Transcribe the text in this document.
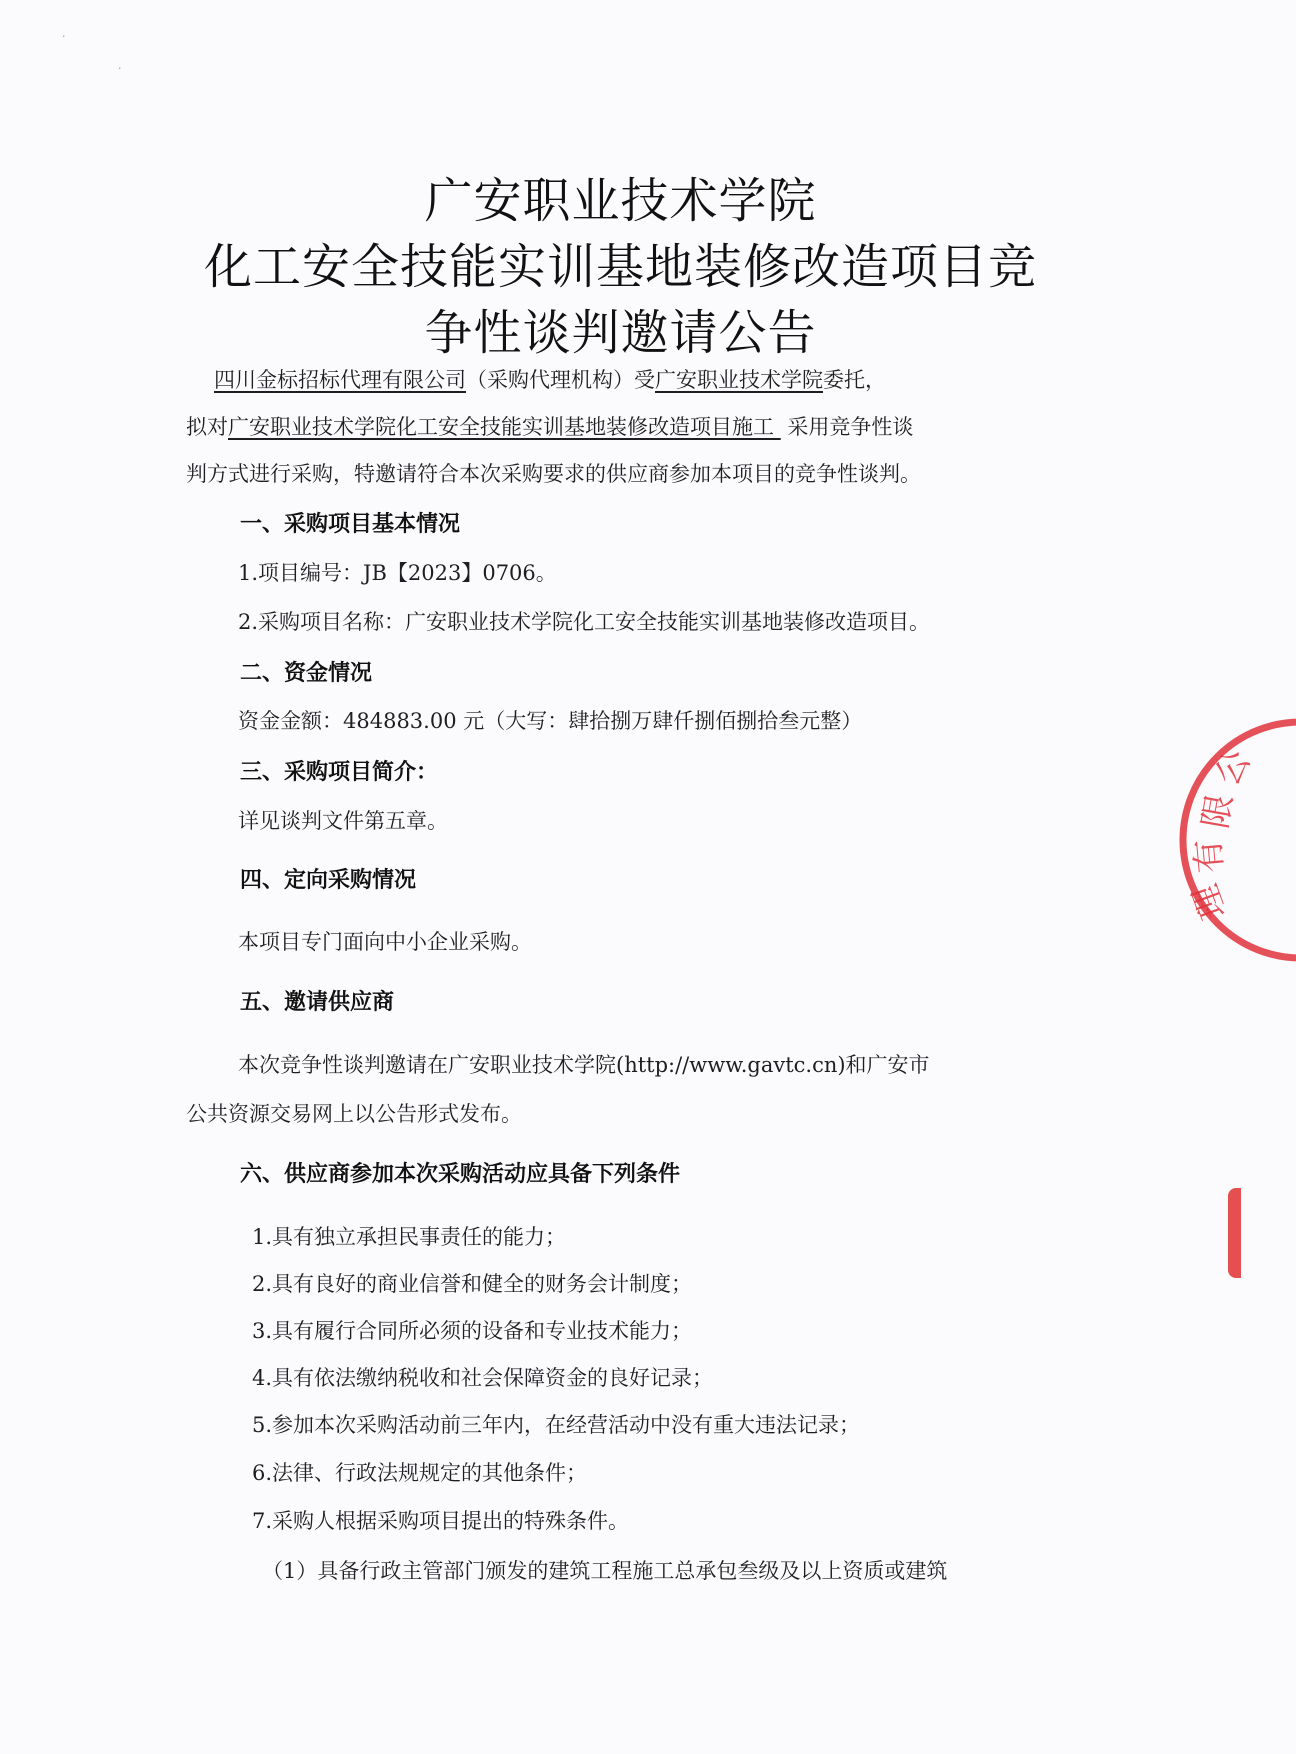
·
·
广安职业技术学院
化工安全技能实训基地装修改造项目竞
争性谈判邀请公告
四川金标招标代理有限公司（采购代理机构）受广安职业技术学院委托，
拟对广安职业技术学院化工安全技能实训基地装修改造项目施工 采用竞争性谈
判方式进行采购，特邀请符合本次采购要求的供应商参加本项目的竞争性谈判。
一、采购项目基本情况
1.项目编号：JB【2023】0706。
2.采购项目名称：广安职业技术学院化工安全技能实训基地装修改造项目。
二、资金情况
资金金额：484883.00 元（大写：肆拾捌万肆仟捌佰捌拾叁元整）
三、采购项目简介：
详见谈判文件第五章。
四、定向采购情况
本项目专门面向中小企业采购。
五、邀请供应商
本次竞争性谈判邀请在广安职业技术学院(http://www.gavtc.cn)和广安市
公共资源交易网上以公告形式发布。
六、供应商参加本次采购活动应具备下列条件
1.具有独立承担民事责任的能力；
2.具有良好的商业信誉和健全的财务会计制度；
3.具有履行合同所必须的设备和专业技术能力；
4.具有依法缴纳税收和社会保障资金的良好记录；
5.参加本次采购活动前三年内，在经营活动中没有重大违法记录；
6.法律、行政法规规定的其他条件；
7.采购人根据采购项目提出的特殊条件。
（1）具备行政主管部门颁发的建筑工程施工总承包叁级及以上资质或建筑
公
限
有
理
